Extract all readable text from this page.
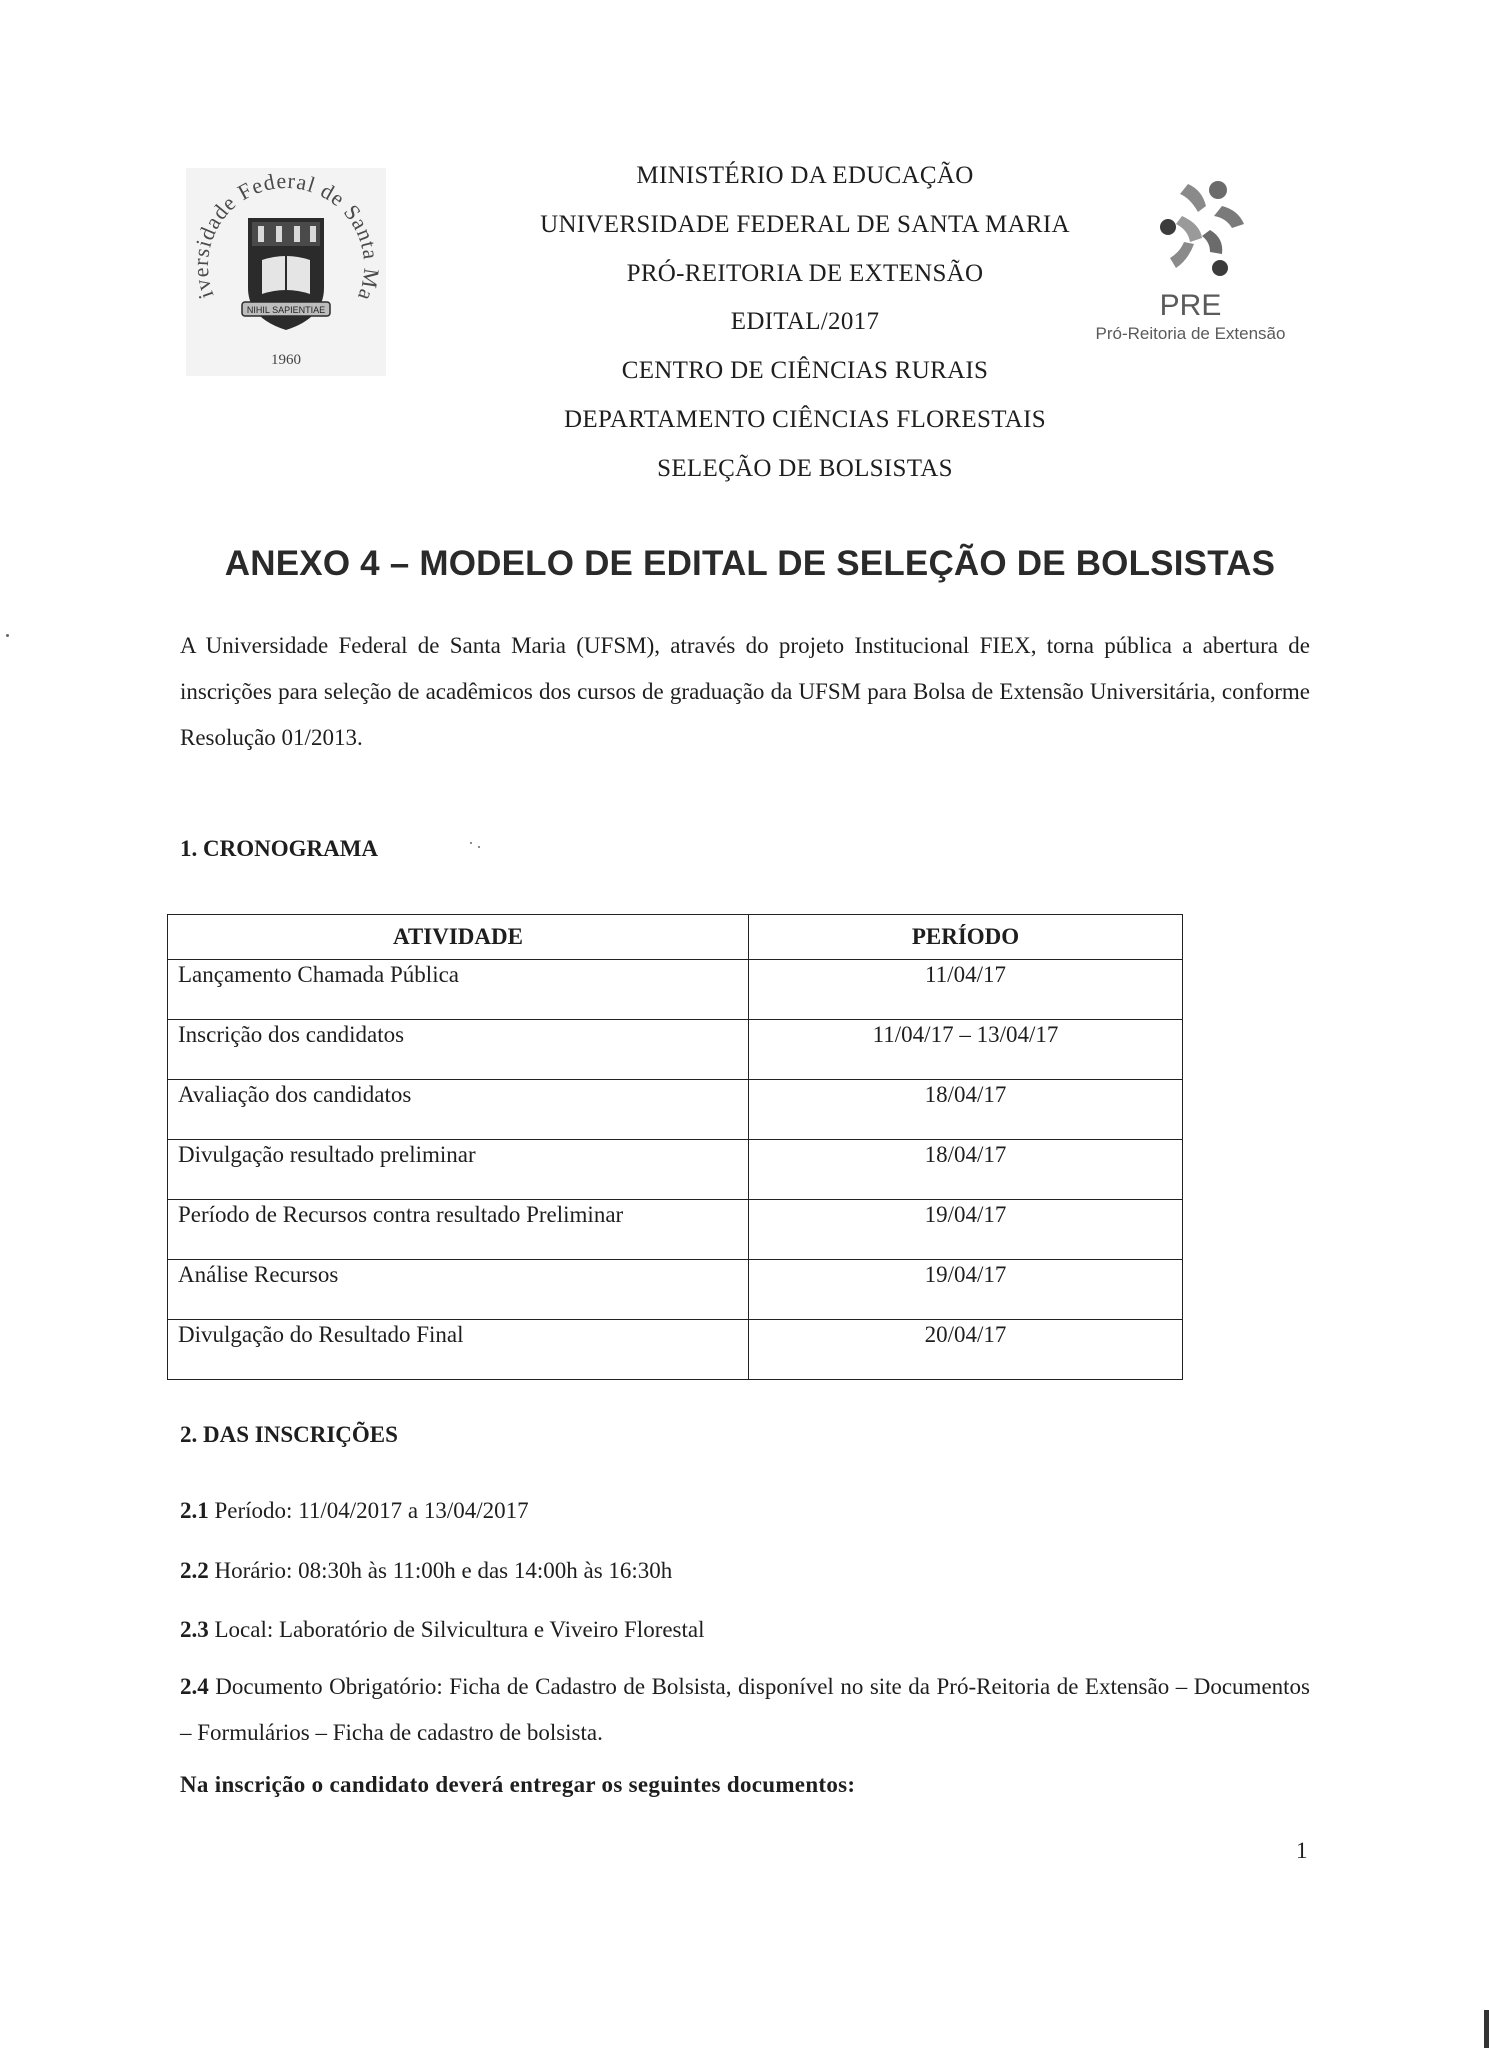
iversidade Federal de Santa Ma
NIHIL SAPIENTIAE
1960
MINISTÉRIO DA EDUCAÇÃO
UNIVERSIDADE FEDERAL DE SANTA MARIA
PRÓ-REITORIA DE EXTENSÃO
EDITAL/2017
CENTRO DE CIÊNCIAS RURAIS
DEPARTAMENTO CIÊNCIAS FLORESTAIS
SELEÇÃO DE BOLSISTAS
PRE
Pró-Reitoria de Extensão
ANEXO 4 – MODELO DE EDITAL DE SELEÇÃO DE BOLSISTAS
A Universidade Federal de Santa Maria (UFSM), através do projeto Institucional FIEX, torna pública a abertura de inscrições para seleção de acadêmicos dos cursos de graduação da UFSM para Bolsa de Extensão Universitária, conforme Resolução 01/2013.
1. CRONOGRAMA
ATIVIDADE	PERÍODO
Lançamento Chamada Pública	11/04/17
Inscrição dos candidatos	11/04/17 – 13/04/17
Avaliação dos candidatos	18/04/17
Divulgação resultado preliminar	18/04/17
Período de Recursos contra resultado Preliminar	19/04/17
Análise Recursos	19/04/17
Divulgação do Resultado Final	20/04/17
2. DAS INSCRIÇÕES
2.1 Período: 11/04/2017 a 13/04/2017
2.2 Horário: 08:30h às 11:00h e das 14:00h às 16:30h
2.3 Local: Laboratório de Silvicultura e Viveiro Florestal
2.4 Documento Obrigatório: Ficha de Cadastro de Bolsista, disponível no site da Pró-Reitoria de Extensão – Documentos – Formulários – Ficha de cadastro de bolsista.
Na inscrição o candidato deverá entregar os seguintes documentos:
1
